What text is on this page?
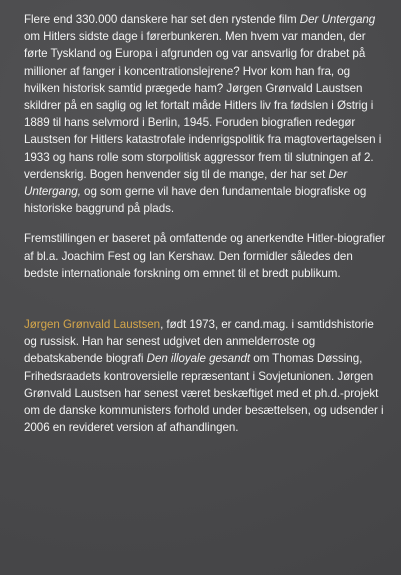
Flere end 330.000 danskere har set den rystende film Der Untergang om Hitlers sidste dage i førerbunkeren. Men hvem var manden, der førte Tyskland og Europa i afgrunden og var ansvarlig for drabet på millioner af fanger i koncentrationslejrene? Hvor kom han fra, og hvilken historisk samtid prægede ham? Jørgen Grønvald Laustsen skildrer på en saglig og let fortalt måde Hitlers liv fra fødslen i Østrig i 1889 til hans selvmord i Berlin, 1945. Foruden biografien redegør Laustsen for Hitlers katastrofale indenrigspolitik fra magtovertagelsen i 1933 og hans rolle som storpolitisk aggressor frem til slutningen af 2. verdenskrig. Bogen henvender sig til de mange, der har set Der Untergang, og som gerne vil have den fundamentale biografiske og historiske baggrund på plads.

Fremstillingen er baseret på omfattende og anerkendte Hitler-biografier af bl.a. Joachim Fest og Ian Kershaw. Den formidler således den bedste internationale forskning om emnet til et bredt publikum.

Jørgen Grønvald Laustsen, født 1973, er cand.mag. i samtidshistorie og russisk. Han har senest udgivet den anmelderroste og debatskabende biografi Den illoyale gesandt om Thomas Døssing, Frihedsraadets kontroversielle repræsentant i Sovjetunionen. Jørgen Grønvald Laustsen har senest været beskæftiget med et ph.d.-projekt om de danske kommunisters forhold under besættelsen, og udsender i 2006 en revideret version af afhandlingen.
